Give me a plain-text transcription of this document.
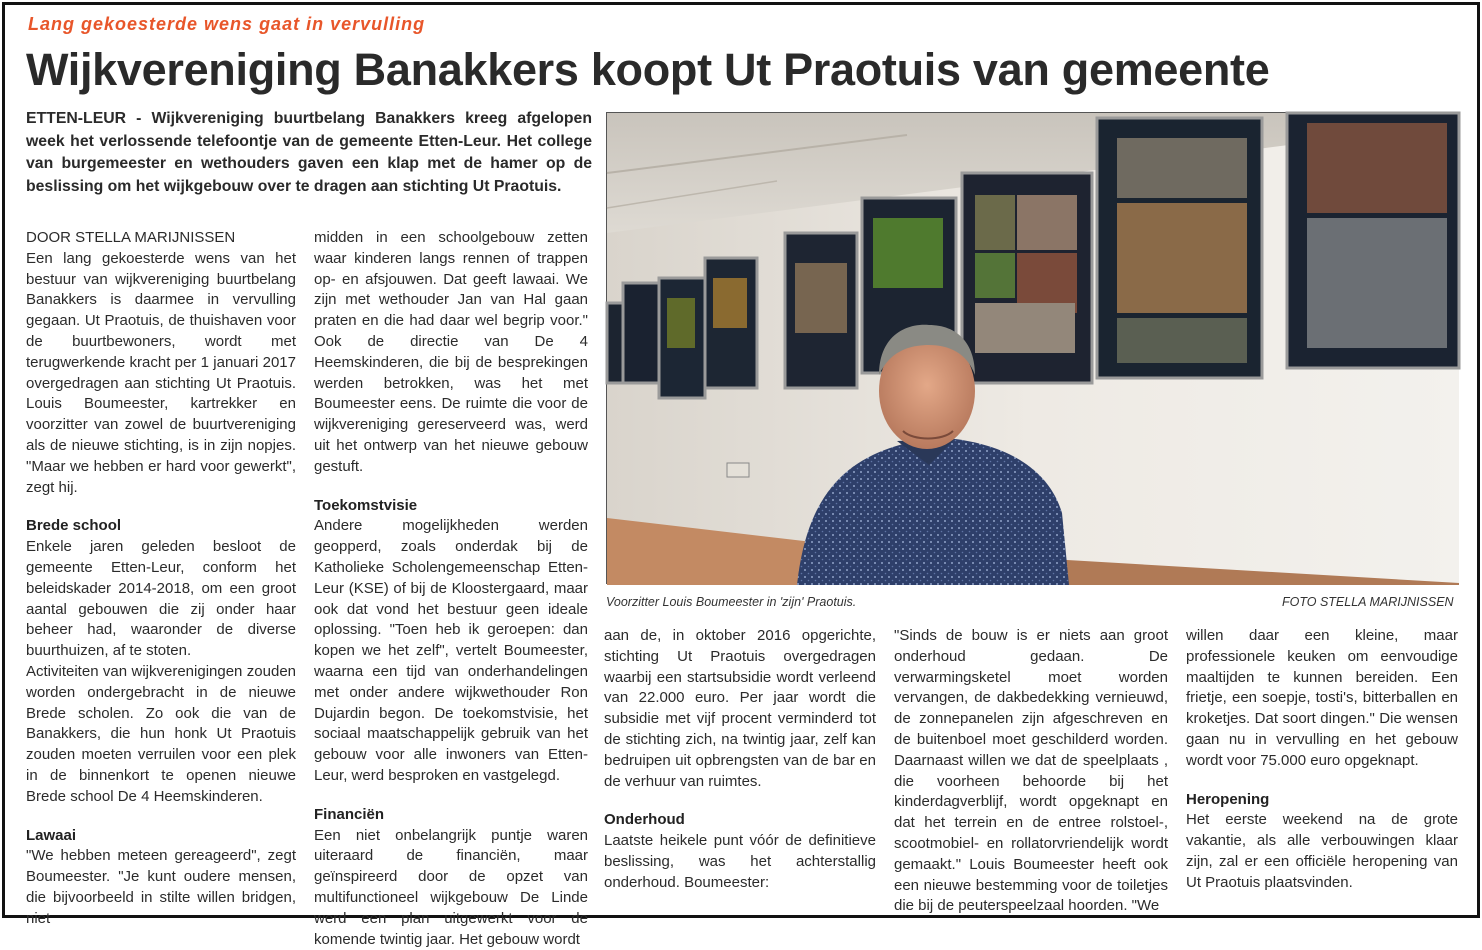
Lang gekoesterde wens gaat in vervulling
Wijkvereniging Banakkers koopt Ut Praotuis van gemeente
ETTEN-LEUR - Wijkvereniging buurtbelang Banakkers kreeg afgelopen week het verlossende telefoontje van de gemeente Etten-Leur. Het college van burgemeester en wethouders gaven een klap met de hamer op de beslissing om het wijkgebouw over te dragen aan stichting Ut Praotuis.

DOOR STELLA MARIJNISSEN

Een lang gekoesterde wens van het bestuur van wijkvereniging buurtbelang Banakkers is daarmee in vervulling gegaan. Ut Praotuis, de thuishaven voor de buurtbewoners, wordt met terugwerkende kracht per 1 januari 2017 overgedragen aan stichting Ut Praotuis. Louis Boumeester, kartrekker en voorzitter van zowel de buurtvereniging als de nieuwe stichting, is in zijn nopjes. "Maar we hebben er hard voor gewerkt", zegt hij.

Brede school

Enkele jaren geleden besloot de gemeente Etten-Leur, conform het beleidskader 2014-2018, om een groot aantal gebouwen die zij onder haar beheer had, waaronder de diverse buurthuizen, af te stoten.

Activiteiten van wijkverenigingen zouden worden ondergebracht in de nieuwe Brede scholen. Zo ook die van de Banakkers, die hun honk Ut Praotuis zouden moeten verruilen voor een plek in de binnenkort te openen nieuwe Brede school De 4 Heemskinderen.

Lawaai

"We hebben meteen gereageerd", zegt Boumeester. "Je kunt oudere mensen, die bijvoorbeeld in stilte willen bridgen, niet

midden in een schoolgebouw zetten waar kinderen langs rennen of trappen op- en afsjouwen. Dat geeft lawaai. We zijn met wethouder Jan van Hal gaan praten en die had daar wel begrip voor." Ook de directie van De 4 Heemskinderen, die bij de besprekingen werden betrokken, was het met Boumeester eens. De ruimte die voor de wijkvereniging gereserveerd was, werd uit het ontwerp van het nieuwe gebouw gestuft.

Toekomstvisie

Andere mogelijkheden werden geopperd, zoals onderdak bij de Katholieke Scholengemeenschap Etten-Leur (KSE) of bij de Kloostergaard, maar ook dat vond het bestuur geen ideale oplossing. "Toen heb ik geroepen: dan kopen we het zelf", vertelt Boumeester, waarna een tijd van onderhandelingen met onder andere wijkwethouder Ron Dujardin begon. De toekomstvisie, het sociaal maatschappelijk gebruik van het gebouw voor alle inwoners van Etten-Leur, werd besproken en vastgelegd.

Financiën

Een niet onbelangrijk puntje waren uiteraard de financiën, maar geïnspireerd door de opzet van multifunctioneel wijkgebouw De Linde werd een plan uitgewerkt voor de komende twintig jaar. Het gebouw wordt

Voorzitter Louis Boumeester in 'zijn' Praotuis.	FOTO STELLA MARIJNISSEN

aan de, in oktober 2016 opgerichte, stichting Ut Praotuis overgedragen waarbij een startsubsidie wordt verleend van 22.000 euro. Per jaar wordt die subsidie met vijf procent verminderd tot de stichting zich, na twintig jaar, zelf kan bedruipen uit opbrengsten van de bar en de verhuur van ruimtes.

Onderhoud

Laatste heikele punt vóór de definitieve beslissing, was het achterstallig onderhoud. Boumeester:

"Sinds de bouw is er niets aan groot onderhoud gedaan. De verwarmingsketel moet worden vervangen, de dakbedekking vernieuwd, de zonnepanelen zijn afgeschreven en de buitenboel moet geschilderd worden. Daarnaast willen we dat de speelplaats , die voorheen behoorde bij het kinderdagverblijf, wordt opgeknapt en dat het terrein en de entree rolstoel-, scootmobiel- en rollatorvriendelijk wordt gemaakt." Louis Boumeester heeft ook een nieuwe bestemming voor de toiletjes die bij de peuterspeelzaal hoorden. "We

willen daar een kleine, maar professionele keuken om eenvoudige maaltijden te kunnen bereiden. Een frietje, een soepje, tosti's, bitterballen en kroketjes. Dat soort dingen." Die wensen gaan nu in vervulling en het gebouw wordt voor 75.000 euro opgeknapt.

Heropening

Het eerste weekend na de grote vakantie, als alle verbouwingen klaar zijn, zal er een officiële heropening van Ut Praotuis plaatsvinden.
